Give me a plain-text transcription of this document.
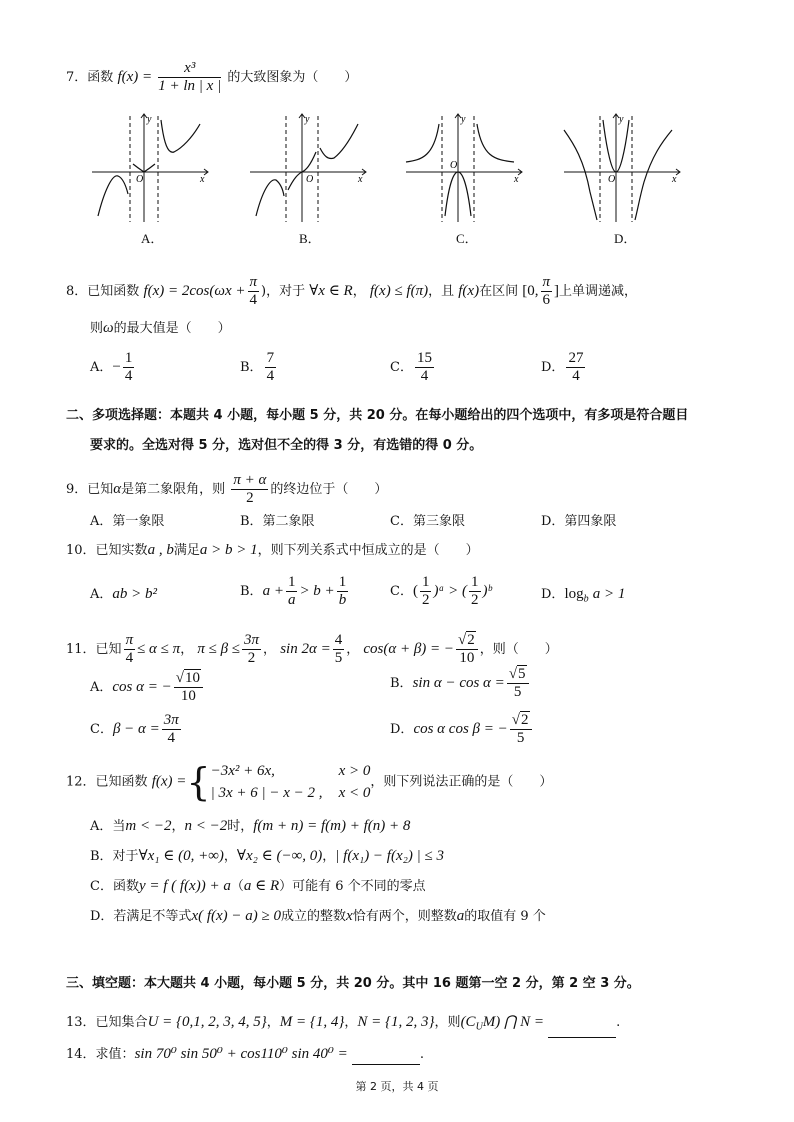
7．函数 $f(x) = \frac{\text{x³}}{1 + \ln | x |}$ 的大致图象为（　　）
x
y
O
A．
x
y
O
B．
x
y
O
C．
x
y
O
D．
8．已知函数 $f(x) = 2\cos(\omega x + \frac{\pi}{4}$ )，对于 ∀x ∈ R， f(x) ≤ f(π)，且 f(x)在区间 [0, $\frac{\pi}{6}$ ]上单调递减，
则ω的最大值是（　　）
A．− $\frac{1}{4}$	B． $\frac{7}{4}$	C． $\frac{15}{4}$	D． $\frac{27}{4}$
二、多项选择题：本题共 4 小题，每小题 5 分，共 20 分。在每小题给出的四个选项中，有多项是符合题目
要求的。全选对得 5 分，选对但不全的得 3 分，有选错的得 0 分。
9．已知α是第二象限角，则 $\frac{\pi + \alpha}{2}$ 的终边位于（　　）
A．第一象限	B．第二象限	C．第三象限	D．第四象限
10．已知实数a , b满足a > b > 1，则下列关系式中恒成立的是（　　）
A．ab > b²	B．$a + \frac{1}{a} > b + \frac{1}{b}$	C．( $\frac{1}{2}$ )ᵃ > ( $\frac{1}{2}$ )ᵇ	D．$\log_b a > 1$
11．已知 $\frac{\pi}{4} \le \alpha \le \pi$， $\pi \le \beta \le \frac{3\pi}{2}$ ， $\sin 2\alpha = \frac{4}{5}$ ， cos(α + β) = − $\frac{√2}{10}$ ，则（　　）
A．cos α = − $\frac{√10}{10}$	B．$\sin \alpha - \cos \alpha = \frac{√5}{5}$
C．$\beta - \alpha = \frac{3\pi}{4}$	D．cos α cos β = − $\frac{√2}{5}$
12．已知函数 f(x) ={ −3x² + 6x,	x > 0
| 3x + 6 | − x − 2 , x < 0
，则下列说法正确的是（　　）
A．当m < −2，n < −2时，f(m + n) = f(m) + f(n) + 8
B．对于∀x₁ ∈ (0, +∞)，∀x₂ ∈ (−∞, 0)，| f(x₁) − f(x₂) | ≤ 3
C．函数y = f ( f(x)) + a（a ∈ R）可能有 6 个不同的零点
D．若满足不等式x( f(x) − a) ≥ 0成立的整数x恰有两个，则整数a的取值有 9 个
三、填空题：本大题共 4 小题，每小题 5 分，共 20 分。其中 16 题第一空 2 分，第 2 空 3 分。
13．已知集合U = {0,1, 2, 3, 4, 5}，M = {1, 4}，N = {1, 2, 3}，则$(C_UM)$ ⋂ N =	.
14．求值：sin 70⁰ sin 50⁰ + cos110⁰ sin 40⁰ =	.
第 2 页，共 4 页
